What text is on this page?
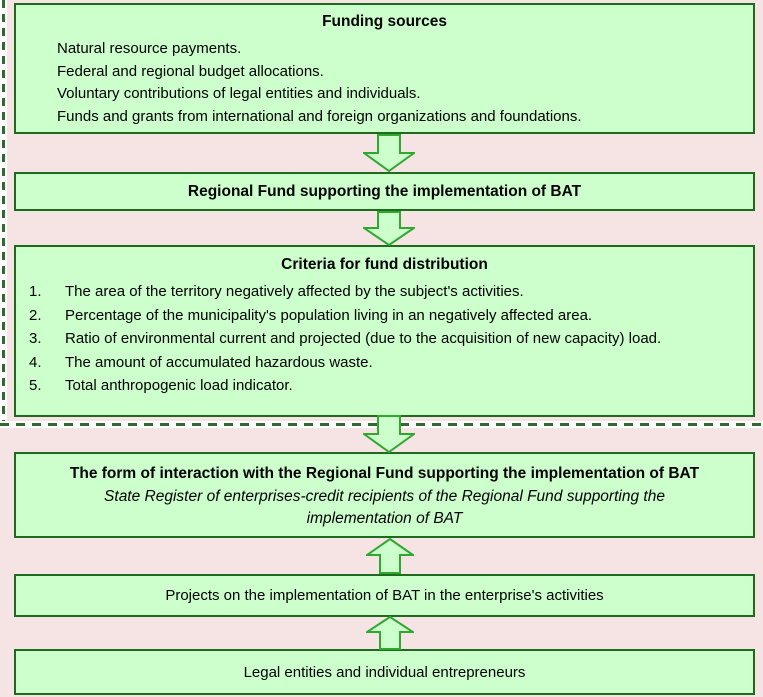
Funding sources
Natural resource payments.
Federal and regional budget allocations.
Voluntary contributions of legal entities and individuals.
Funds and grants from international and foreign organizations and foundations.
Regional Fund supporting the implementation of BAT
Criteria for fund distribution
1.	The area of the territory negatively affected by the subject's activities.
2.	Percentage of the municipality's population living in an negatively affected area.
3.	Ratio of environmental current and projected (due to the acquisition of new capacity) load.
4.	The amount of accumulated hazardous waste.
5.	Total anthropogenic load indicator.
The form of interaction with the Regional Fund supporting the implementation of BAT
State Register of enterprises-credit recipients of the Regional Fund supporting the implementation of BAT
Projects on the implementation of BAT in the enterprise's activities
Legal entities and individual entrepreneurs
